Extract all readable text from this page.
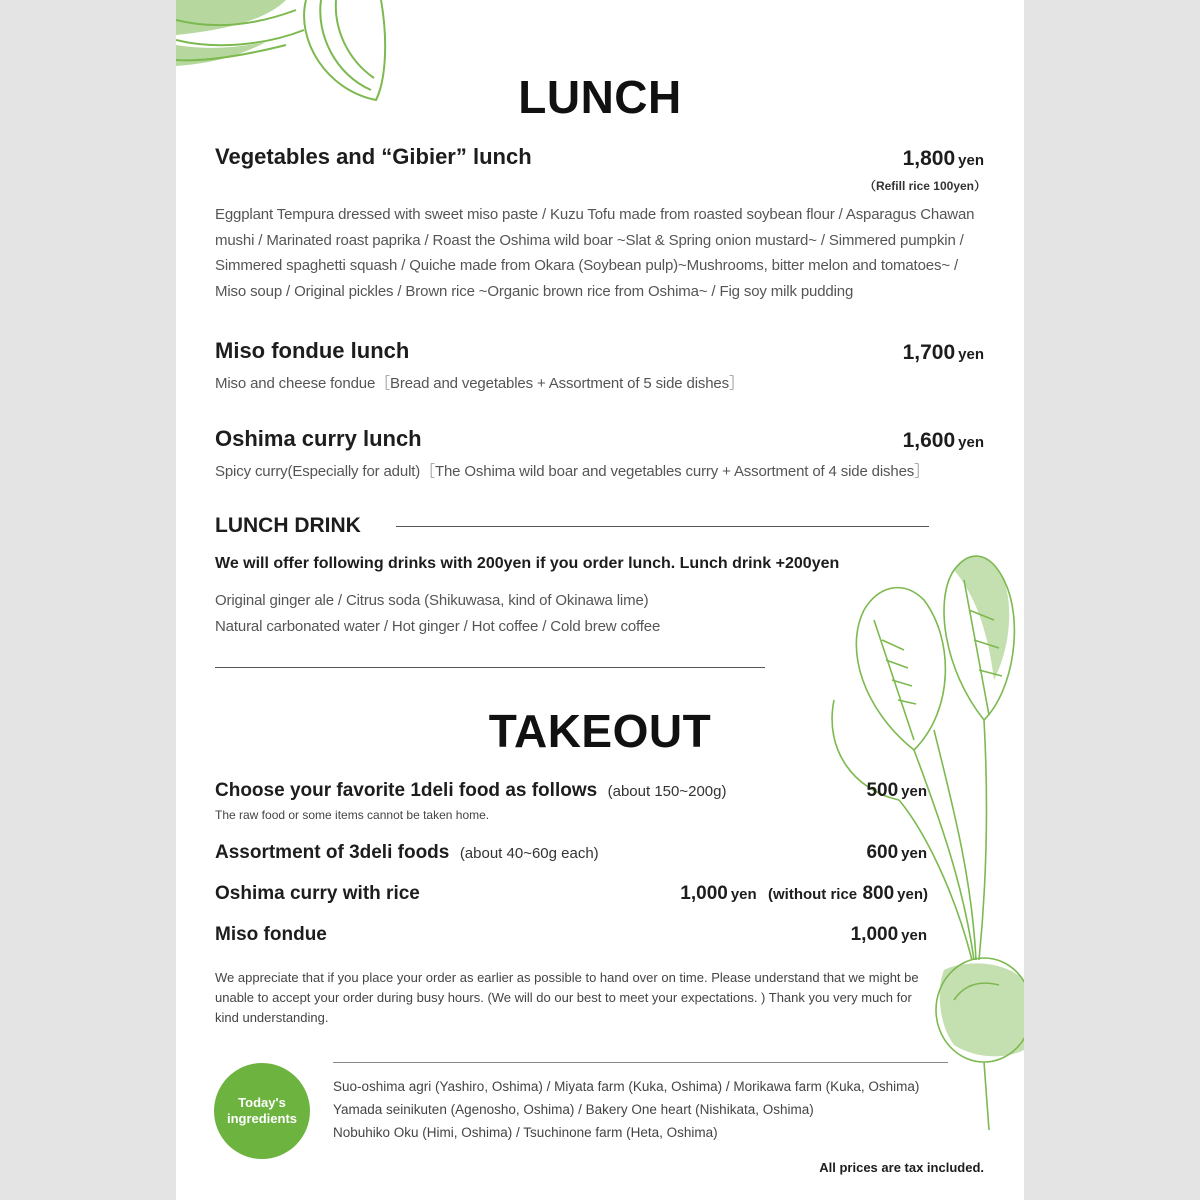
LUNCH
Vegetables and “Gibier” lunch	1,800 yen
（Refill rice 100yen）
Eggplant Tempura dressed with sweet miso paste / Kuzu Tofu made from roasted soybean flour / Asparagus Chawan mushi / Marinated roast paprika / Roast the Oshima wild boar ~Slat & Spring onion mustard~ / Simmered pumpkin / Simmered spaghetti squash / Quiche made from Okara (Soybean pulp)~Mushrooms, bitter melon and tomatoes~ / Miso soup / Original pickles / Brown rice ~Organic brown rice from Oshima~ / Fig soy milk pudding
Miso fondue lunch	1,700 yen
Miso and cheese fondue［Bread and vegetables + Assortment of 5 side dishes］
Oshima curry lunch	1,600 yen
Spicy curry(Especially for adult)［The Oshima wild boar and vegetables curry + Assortment of 4 side dishes］
LUNCH DRINK
We will offer following drinks with 200yen if you order lunch. Lunch drink +200yen
Original ginger ale / Citrus soda (Shikuwasa, kind of Okinawa lime)
Natural carbonated water / Hot ginger / Hot coffee / Cold brew coffee
TAKEOUT
Choose your favorite 1deli food as follows (about 150~200g)	500 yen
The raw food or some items cannot be taken home.
Assortment of 3deli foods (about 40~60g each)	600 yen
Oshima curry with rice	1,000 yen (without rice 800 yen)
Miso fondue	1,000 yen
We appreciate that if you place your order as earlier as possible to hand over on time. Please understand that we might be unable to accept your order during busy hours. (We will do our best to meet your expectations. ) Thank you very much for kind understanding.
Today's
ingredients
Suo-oshima agri (Yashiro, Oshima) / Miyata farm (Kuka, Oshima) / Morikawa farm (Kuka, Oshima)
Yamada seinikuten (Agenosho, Oshima) / Bakery One heart (Nishikata, Oshima)
Nobuhiko Oku (Himi, Oshima) / Tsuchinone farm (Heta, Oshima)
All prices are tax included.
